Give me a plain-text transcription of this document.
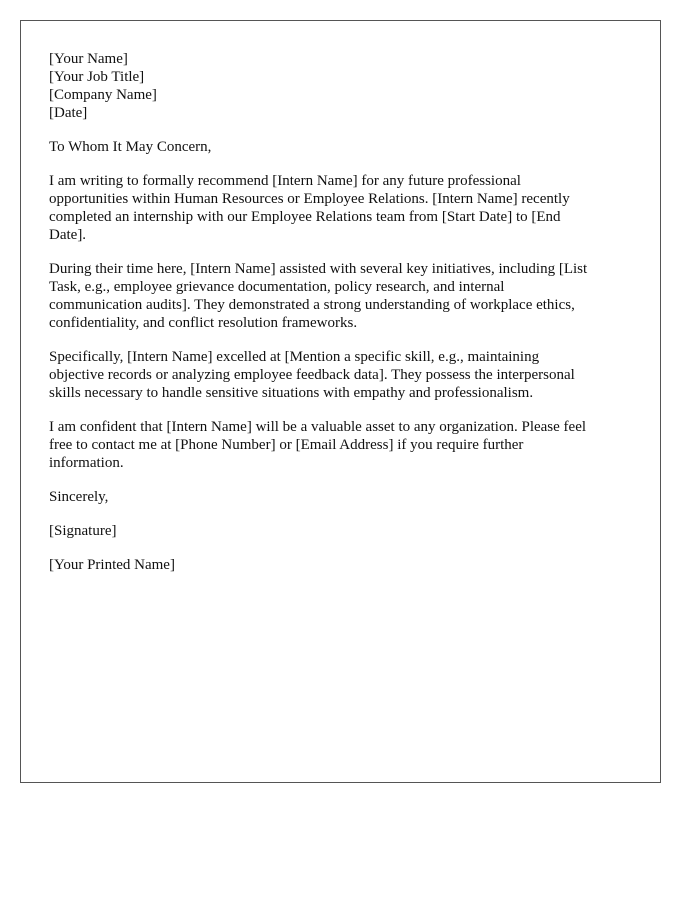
[Your Name]
[Your Job Title]
[Company Name]
[Date]
To Whom It May Concern,
I am writing to formally recommend [Intern Name] for any future professional
opportunities within Human Resources or Employee Relations. [Intern Name] recently
completed an internship with our Employee Relations team from [Start Date] to [End
Date].
During their time here, [Intern Name] assisted with several key initiatives, including [List
Task, e.g., employee grievance documentation, policy research, and internal
communication audits]. They demonstrated a strong understanding of workplace ethics,
confidentiality, and conflict resolution frameworks.
Specifically, [Intern Name] excelled at [Mention a specific skill, e.g., maintaining
objective records or analyzing employee feedback data]. They possess the interpersonal
skills necessary to handle sensitive situations with empathy and professionalism.
I am confident that [Intern Name] will be a valuable asset to any organization. Please feel
free to contact me at [Phone Number] or [Email Address] if you require further
information.
Sincerely,
[Signature]
[Your Printed Name]
